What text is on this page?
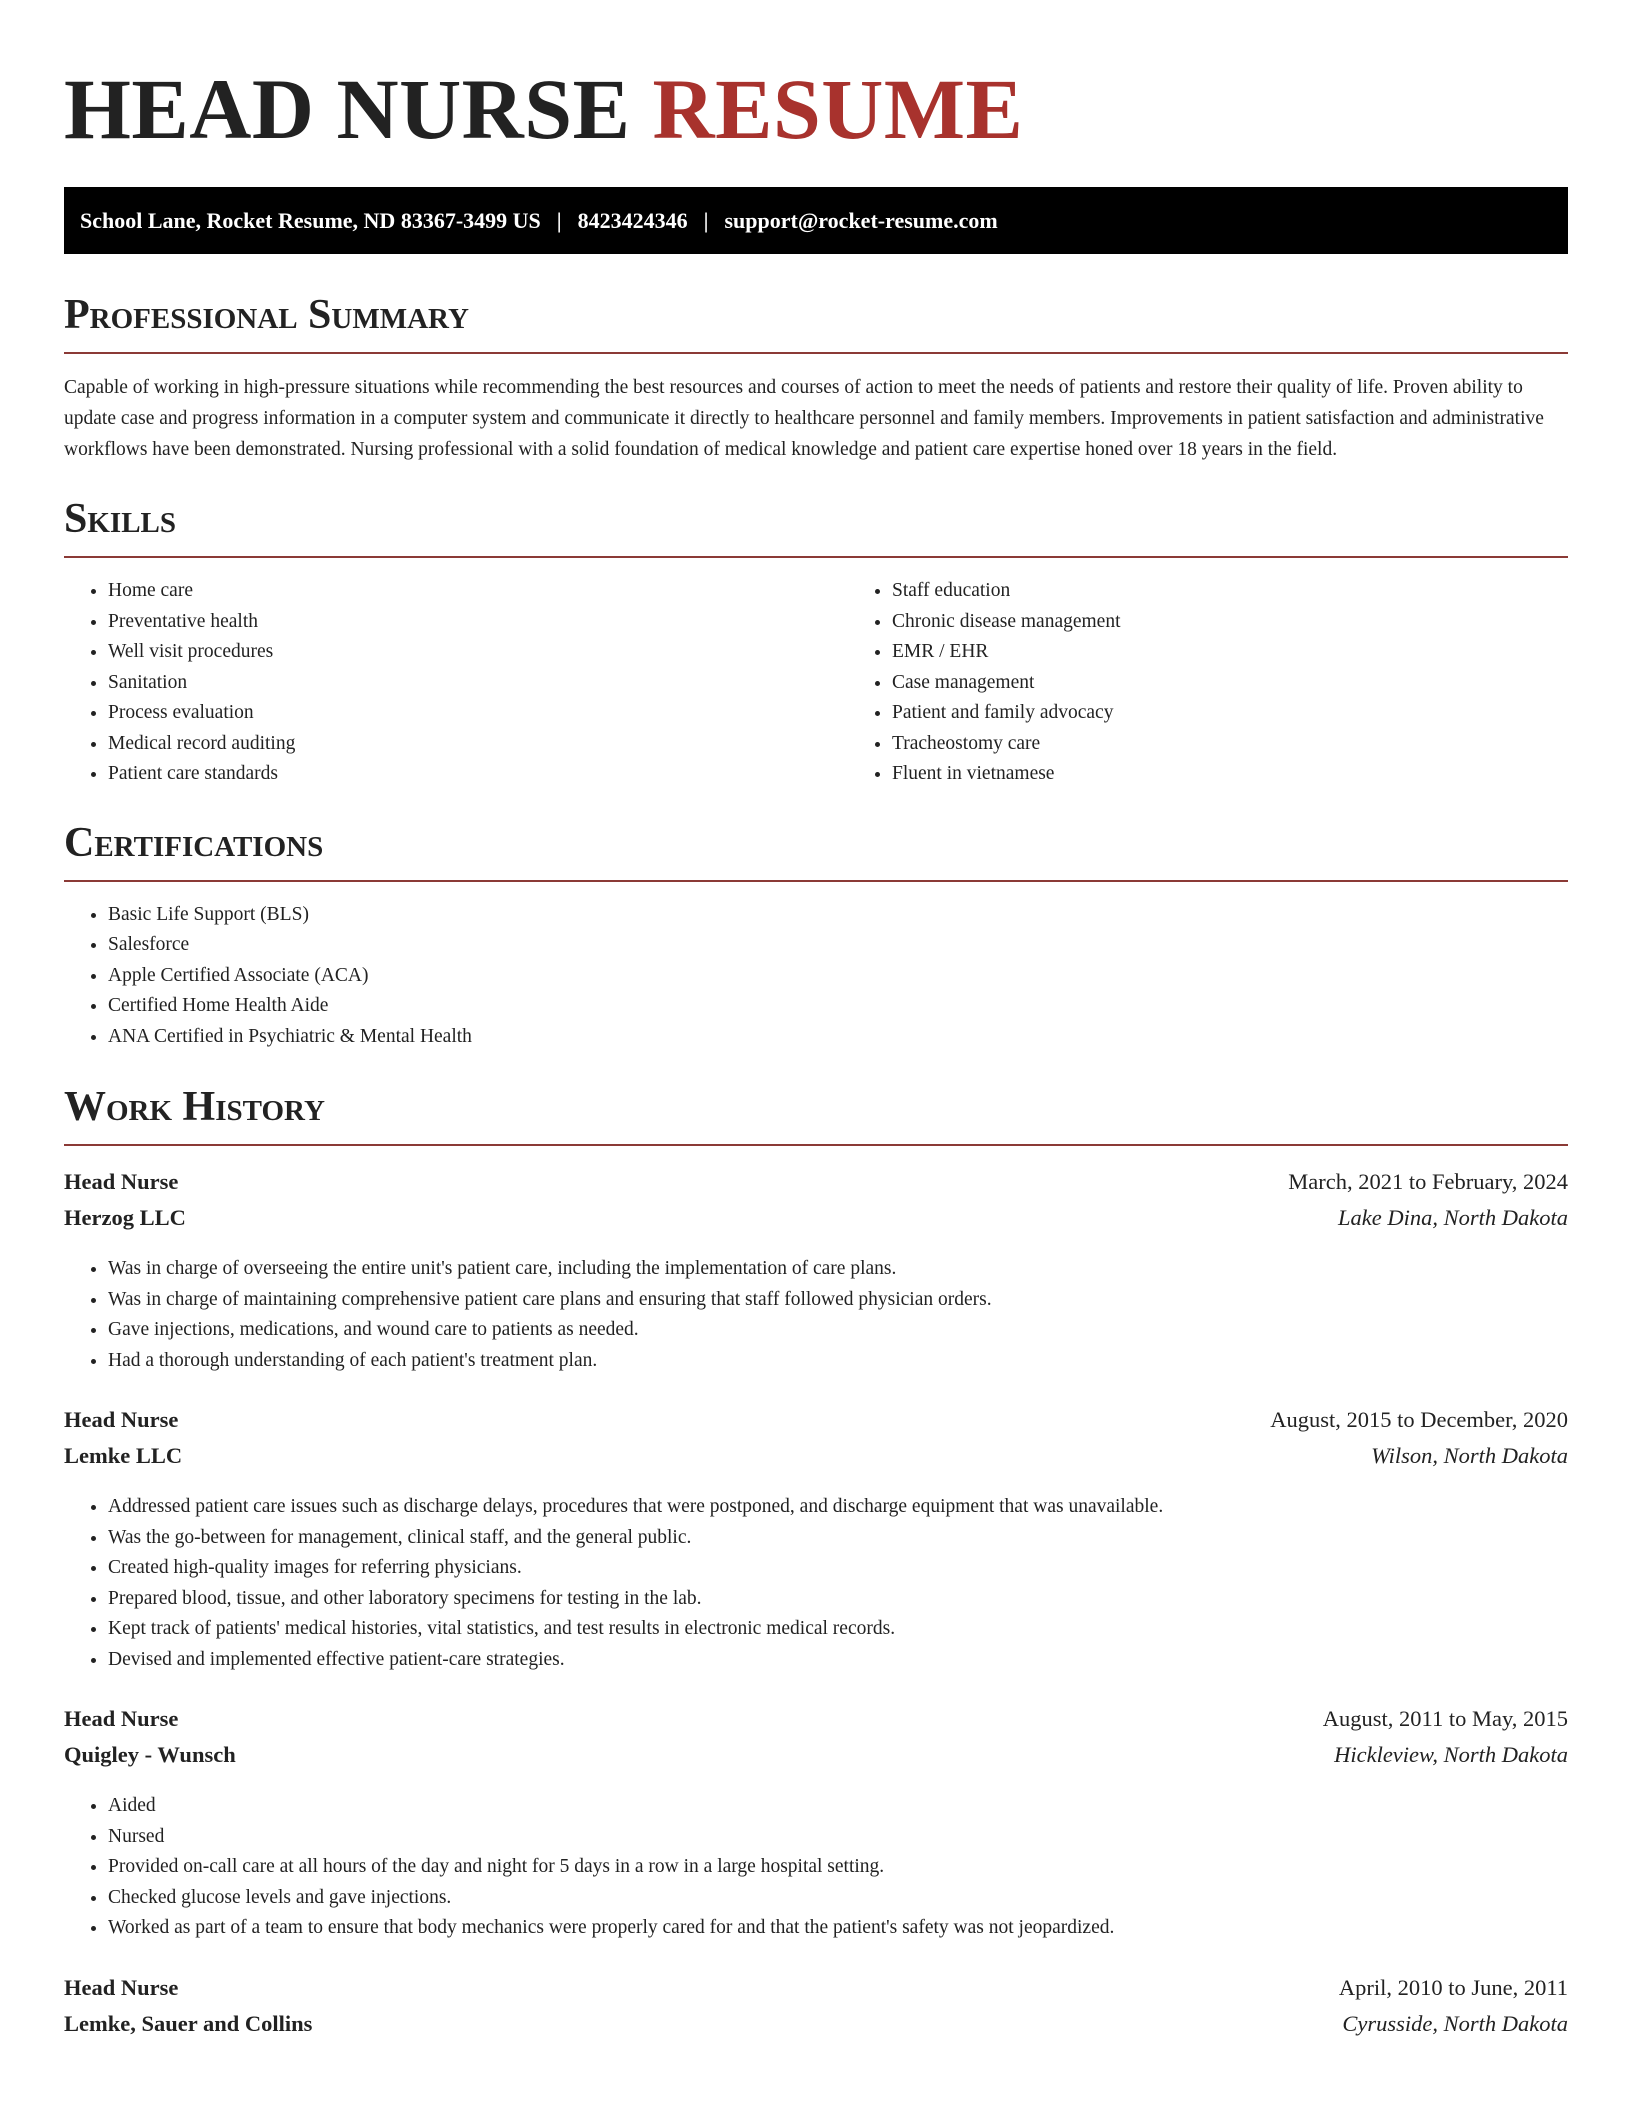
HEAD NURSE RESUME
School Lane, Rocket Resume, ND 83367-3499 US | 8423424346 | support@rocket-resume.com
Professional Summary

Capable of working in high-pressure situations while recommending the best resources and courses of action to meet the needs of patients and restore their quality of life. Proven ability to update case and progress information in a computer system and communicate it directly to healthcare personnel and family members. Improvements in patient satisfaction and administrative workflows have been demonstrated. Nursing professional with a solid foundation of medical knowledge and patient care expertise honed over 18 years in the field.

Skills
• Home care
• Preventative health
• Well visit procedures
• Sanitation
• Process evaluation
• Medical record auditing
• Patient care standards
• Staff education
• Chronic disease management
• EMR / EHR
• Case management
• Patient and family advocacy
• Tracheostomy care
• Fluent in vietnamese
Certifications
• Basic Life Support (BLS)
• Salesforce
• Apple Certified Associate (ACA)
• Certified Home Health Aide
• ANA Certified in Psychiatric & Mental Health
Work History
Head Nurse	March, 2021 to February, 2024
Herzog LLC	Lake Dina, North Dakota
• Was in charge of overseeing the entire unit's patient care, including the implementation of care plans.
• Was in charge of maintaining comprehensive patient care plans and ensuring that staff followed physician orders.
• Gave injections, medications, and wound care to patients as needed.
• Had a thorough understanding of each patient's treatment plan.
Head Nurse	August, 2015 to December, 2020
Lemke LLC	Wilson, North Dakota
• Addressed patient care issues such as discharge delays, procedures that were postponed, and discharge equipment that was unavailable.
• Was the go-between for management, clinical staff, and the general public.
• Created high-quality images for referring physicians.
• Prepared blood, tissue, and other laboratory specimens for testing in the lab.
• Kept track of patients' medical histories, vital statistics, and test results in electronic medical records.
• Devised and implemented effective patient-care strategies.
Head Nurse	August, 2011 to May, 2015
Quigley - Wunsch	Hickleview, North Dakota
• Aided
• Nursed
• Provided on-call care at all hours of the day and night for 5 days in a row in a large hospital setting.
• Checked glucose levels and gave injections.
• Worked as part of a team to ensure that body mechanics were properly cared for and that the patient's safety was not jeopardized.
Head Nurse	April, 2010 to June, 2011
Lemke, Sauer and Collins	Cyrusside, North Dakota
